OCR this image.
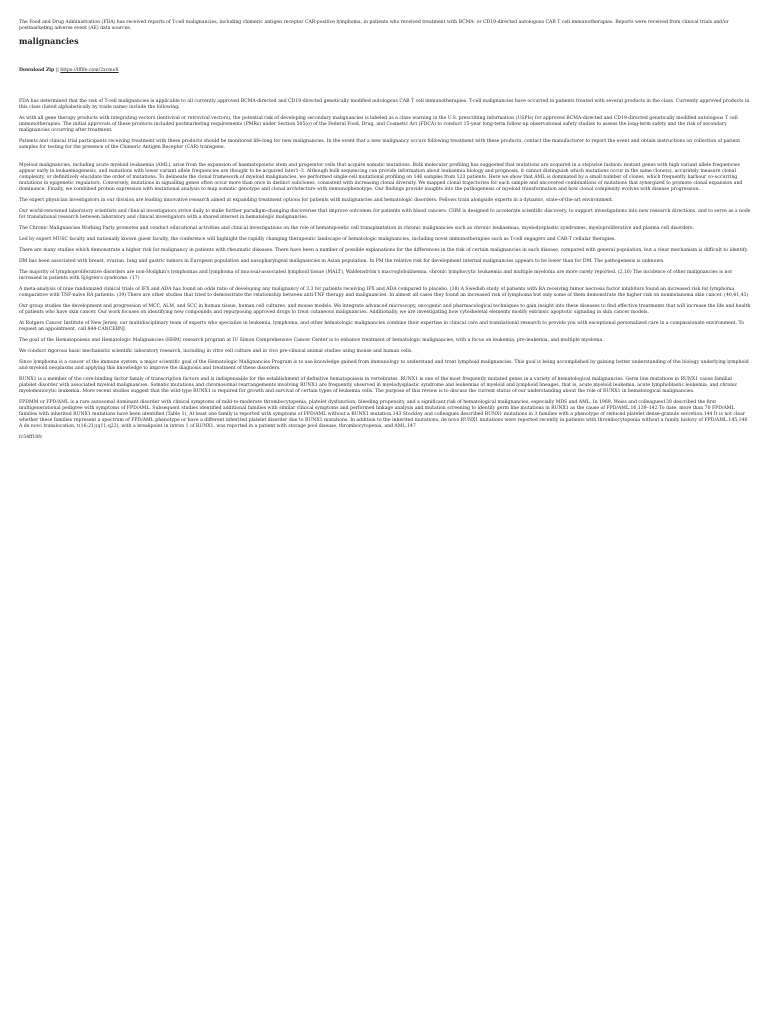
The Food and Drug Administration (FDA) has received reports of T-cell malignancies, including chimeric antigen receptor CAR-positive lymphoma, in patients who received treatment with BCMA- or CD19-directed autologous CAR T cell immunotherapies. Reports were received from clinical trials and/or postmarketing adverse event (AE) data sources.

malignancies
Download Zip || https://lfflfe.com/2xcmoX

FDA has determined that the risk of T-cell malignancies is applicable to all currently approved BCMA-directed and CD19-directed genetically modified autologous CAR T cell immunotherapies. T-cell malignancies have occurred in patients treated with several products in the class. Currently approved products in this class (listed alphabetically by trade name) include the following:

As with all gene therapy products with integrating vectors (lentiviral or retroviral vectors), the potential risk of developing secondary malignancies is labeled as a class warning in the U.S. prescribing information (USPIs) for approved BCMA-directed and CD19-directed genetically modified autologous T cell immunotherapies. The initial approvals of these products included postmarketing requirements (PMRs) under Section 505(o) of the Federal Food, Drug, and Cosmetic Act (FDCA) to conduct 15-year long-term follow-up observational safety studies to assess the long-term safety and the risk of secondary malignancies occurring after treatment.

Patients and clinical trial participants receiving treatment with these products should be monitored life-long for new malignancies. In the event that a new malignancy occurs following treatment with these products, contact the manufacturer to report the event and obtain instructions on collection of patient samples for testing for the presence of the Chimeric Antigen Receptor (CAR) transgene.

Myeloid malignancies, including acute myeloid leukaemia (AML), arise from the expansion of haematopoietic stem and progenitor cells that acquire somatic mutations. Bulk molecular profiling has suggested that mutations are acquired in a stepwise fashion: mutant genes with high variant allele frequencies appear early in leukaemogenesis, and mutations with lower variant allele frequencies are thought to be acquired later1–3. Although bulk sequencing can provide information about leukaemia biology and prognosis, it cannot distinguish which mutations occur in the same clone(s), accurately measure clonal complexity, or definitively elucidate the order of mutations. To delineate the clonal framework of myeloid malignancies, we performed single-cell mutational profiling on 146 samples from 123 patients. Here we show that AML is dominated by a small number of clones, which frequently harbour co-occurring mutations in epigenetic regulators. Conversely, mutations in signalling genes often occur more than once in distinct subclones, consistent with increasing clonal diversity. We mapped clonal trajectories for each sample and uncovered combinations of mutations that synergized to promote clonal expansion and dominance. Finally, we combined protein expression with mutational analysis to map somatic genotype and clonal architecture with immunophenotype. Our findings provide insights into the pathogenesis of myeloid transformation and how clonal complexity evolves with disease progression.

The expert physician investigators in our division are leading innovative research aimed at expanding treatment options for patients with malignancies and hematologic disorders. Fellows train alongside experts in a dynamic, state-of-the-art environment.

Our world-renowned laboratory scientists and clinical investigators strive daily to make further paradigm-changing discoveries that improve outcomes for patients with blood cancers. CHM is designed to accelerate scientific discovery, to support investigations into new research directions, and to serve as a node for translational research between laboratory and clinical investigators with a shared interest in hematologic malignancies.

The Chronic Malignancies Working Party promotes and conduct educational activities and clinical investigations on the role of hematopoietic cell transplantation in chronic malignancies such as chronic leukaemias, myelodysplastic syndromes, myeloproliferative and plasma cell disorders.

Led by expert MUSC faculty and nationally known guest faculty, the conference will highlight the rapidly changing therapeutic landscape of hematologic malignancies, including novel immunotherapies such as T-cell engagers and CAR-T cellular therapies.

There are many studies which demonstrate a higher risk for malignancy in patients with rheumatic diseases. There have been a number of possible explanations for the differences in the risk of certain malignancies in each disease, compared with general population, but a clear mechanism is difficult to identify.

DM has been associated with breast, ovarian, lung and gastric tumors in European population and nasopharyngeal malignancies in Asian population. In PM the relative risk for development internal malignancies appears to be lower than for DM. The pathogenesis is unknown.

The majority of lymphoproliferative disorders are non-Hodgkin's lymphomas and lymphoma of mucosal-associated lymphoid tissue (MALT), Waldenström's macroglobulinemia, chronic lymphocytic leukaemia and multiple myeloma are more rarely reported. (2,16) The incidence of other malignancies is not increased in patients with Sjögren's syndrome. (17)

A meta-analysis of nine randomized clinical trials of IFX and ADA has found an odds ratio of developing any malignancy of 3.3 for patients receiving IFX and ADA compared to placebo. (38) A Swedish study of patients with RA receiving tumor necrosis factor inhibitors found an increased risk for lymphoma comparative with TNF-naïve RA patients. (39) There are other studies that tried to demonstrate the relationship between anti-TNF therapy and malignancies. In almost all cases they found an increased risk of lymphoma but only some of them demonstrate the higher risk on nonmelanoma skin cancer. (40,41,43)

Our group studies the development and progression of MCC, ALM, and SCC in human tissue, human cell cultures, and mouse models. We integrate advanced microscopy, oncogenic and pharmacological techniques to gain insight into these diseases to find effective treatments that will increase the life and health of patients who have skin cancer. Our work focuses on identifying new compounds and repurposing approved drugs to treat cutaneous malignancies. Additionally, we are investigating how cytoskeletal elements modify extrinsic apoptotic signaling in skin cancer models.

At Rutgers Cancer Institute of New Jersey, our multidisciplinary team of experts who specialize in leukemia, lymphoma, and other hematologic malignancies combine their expertise in clinical care and translational research to provide you with exceptional personalized care in a compassionate environment. To request an appointment, call 844-CANCERNJ.

The goal of the Hematopoiesis and Hematologic Malignancies (HHM) research program at IU Simon Comprehensive Cancer Center is to enhance treatment of hematologic malignancies, with a focus on leukemia, pre-leukemia, and multiple myeloma.

We conduct rigorous basic mechanistic scientific laboratory research, including in vitro cell culture and in vivo pre-clinical animal studies using mouse and human cells.

Since lymphoma is a cancer of the immune system, a major scientific goal of the Hematologic Malignancies Program is to use knowledge gained from immunology to understand and treat lymphoid malignancies. This goal is being accomplished by gaining better understanding of the biology underlying lymphoid and myeloid neoplasms and applying this knowledge to improve the diagnosis and treatment of these disorders.

RUNX1 is a member of the core-binding factor family of transcription factors and is indispensable for the establishment of definitive hematopoiesis in vertebrates. RUNX1 is one of the most frequently mutated genes in a variety of hematological malignancies. Germ line mutations in RUNX1 cause familial platelet disorder with associated myeloid malignancies. Somatic mutations and chromosomal rearrangements involving RUNX1 are frequently observed in myelodysplastic syndrome and leukemias of myeloid and lymphoid lineages, that is, acute myeloid leukemia, acute lymphoblastic leukemia, and chronic myelomonocytic leukemia. More recent studies suggest that the wild-type RUNX1 is required for growth and survival of certain types of leukemia cells. The purpose of this review is to discuss the current status of our understanding about the role of RUNX1 in hematological malignancies.

FPDMM or FPD/AML is a rare autosomal dominant disorder with clinical symptoms of mild-to-moderate thrombocytopenia, platelet dysfunction, bleeding propensity, and a significant risk of hematological malignancies, especially MDS and AML. In 1969, Weiss and colleagues138 described the first multigenerational pedigree with symptoms of FPD/AML. Subsequent studies identified additional families with similar clinical symptoms and performed linkage analysis and mutation screening to identify germ line mutations in RUNX1 as the cause of FPD/AML.16,139–142 To date, more than 70 FPD/AML families with inherited RUNX1 mutations have been identified (Table 1). At least one family is reported with symptoms of FPD/AML without a RUNX1 mutation.143 Stockley and colleagues described RUNX1 mutations in 3 families with a phenotype of reduced platelet dense-granule secretion.144 It is not clear whether these families represent a spectrum of FPD/AML phenotype or have a different inherited platelet disorder due to RUNX1 mutations. In addition to the inherited mutations, de novo RUNX1 mutations were reported recently in patients with thrombocytopenia without a family history of FPD/AML.145,146 A de novo translocation, t(16;21)(q11;q22), with a breakpoint in intron 1 of RUNX1, was reported in a patient with storage pool disease, thrombocytopenia, and AML.147

fc54ff18fc
